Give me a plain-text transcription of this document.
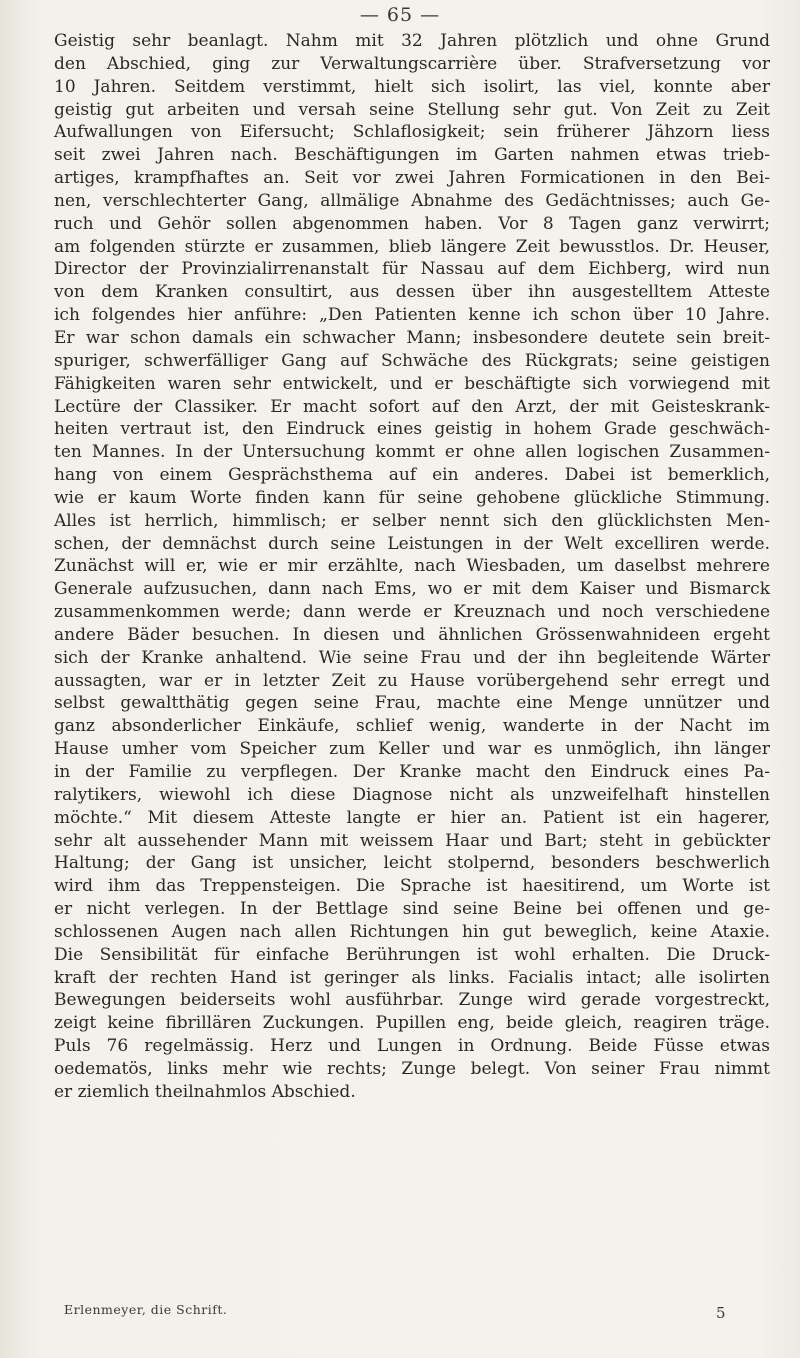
— 65 —
Geistig sehr beanlagt. Nahm mit 32 Jahren plötzlich und ohne Grund
den Abschied, ging zur Verwaltungscarrière über. Strafversetzung vor
10 Jahren. Seitdem verstimmt, hielt sich isolirt, las viel, konnte aber
geistig gut arbeiten und versah seine Stellung sehr gut. Von Zeit zu Zeit
Aufwallungen von Eifersucht; Schlaflosigkeit; sein früherer Jähzorn liess
seit zwei Jahren nach. Beschäftigungen im Garten nahmen etwas trieb-
artiges, krampfhaftes an. Seit vor zwei Jahren Formicationen in den Bei-
nen, verschlechterter Gang, allmälige Abnahme des Gedächtnisses; auch Ge-
ruch und Gehör sollen abgenommen haben. Vor 8 Tagen ganz verwirrt;
am folgenden stürzte er zusammen, blieb längere Zeit bewusstlos. Dr. Heuser,
Director der Provinzialirrenanstalt für Nassau auf dem Eichberg, wird nun
von dem Kranken consultirt, aus dessen über ihn ausgestelltem Atteste
ich folgendes hier anführe: „Den Patienten kenne ich schon über 10 Jahre.
Er war schon damals ein schwacher Mann; insbesondere deutete sein breit-
spuriger, schwerfälliger Gang auf Schwäche des Rückgrats; seine geistigen
Fähigkeiten waren sehr entwickelt, und er beschäftigte sich vorwiegend mit
Lectüre der Classiker. Er macht sofort auf den Arzt, der mit Geisteskrank-
heiten vertraut ist, den Eindruck eines geistig in hohem Grade geschwäch-
ten Mannes. In der Untersuchung kommt er ohne allen logischen Zusammen-
hang von einem Gesprächsthema auf ein anderes. Dabei ist bemerklich,
wie er kaum Worte finden kann für seine gehobene glückliche Stimmung.
Alles ist herrlich, himmlisch; er selber nennt sich den glücklichsten Men-
schen, der demnächst durch seine Leistungen in der Welt excelliren werde.
Zunächst will er, wie er mir erzählte, nach Wiesbaden, um daselbst mehrere
Generale aufzusuchen, dann nach Ems, wo er mit dem Kaiser und Bismarck
zusammenkommen werde; dann werde er Kreuznach und noch verschiedene
andere Bäder besuchen. In diesen und ähnlichen Grössenwahnideen ergeht
sich der Kranke anhaltend. Wie seine Frau und der ihn begleitende Wärter
aussagten, war er in letzter Zeit zu Hause vorübergehend sehr erregt und
selbst gewaltthätig gegen seine Frau, machte eine Menge unnützer und
ganz absonderlicher Einkäufe, schlief wenig, wanderte in der Nacht im
Hause umher vom Speicher zum Keller und war es unmöglich, ihn länger
in der Familie zu verpflegen. Der Kranke macht den Eindruck eines Pa-
ralytikers, wiewohl ich diese Diagnose nicht als unzweifelhaft hinstellen
möchte.“ Mit diesem Atteste langte er hier an. Patient ist ein hagerer,
sehr alt aussehender Mann mit weissem Haar und Bart; steht in gebückter
Haltung; der Gang ist unsicher, leicht stolpernd, besonders beschwerlich
wird ihm das Treppensteigen. Die Sprache ist haesitirend, um Worte ist
er nicht verlegen. In der Bettlage sind seine Beine bei offenen und ge-
schlossenen Augen nach allen Richtungen hin gut beweglich, keine Ataxie.
Die Sensibilität für einfache Berührungen ist wohl erhalten. Die Druck-
kraft der rechten Hand ist geringer als links. Facialis intact; alle isolirten
Bewegungen beiderseits wohl ausführbar. Zunge wird gerade vorgestreckt,
zeigt keine fibrillären Zuckungen. Pupillen eng, beide gleich, reagiren träge.
Puls 76 regelmässig. Herz und Lungen in Ordnung. Beide Füsse etwas
oedematös, links mehr wie rechts; Zunge belegt. Von seiner Frau nimmt
er ziemlich theilnahmlos Abschied.
Erlenmeyer, die Schrift.	5
